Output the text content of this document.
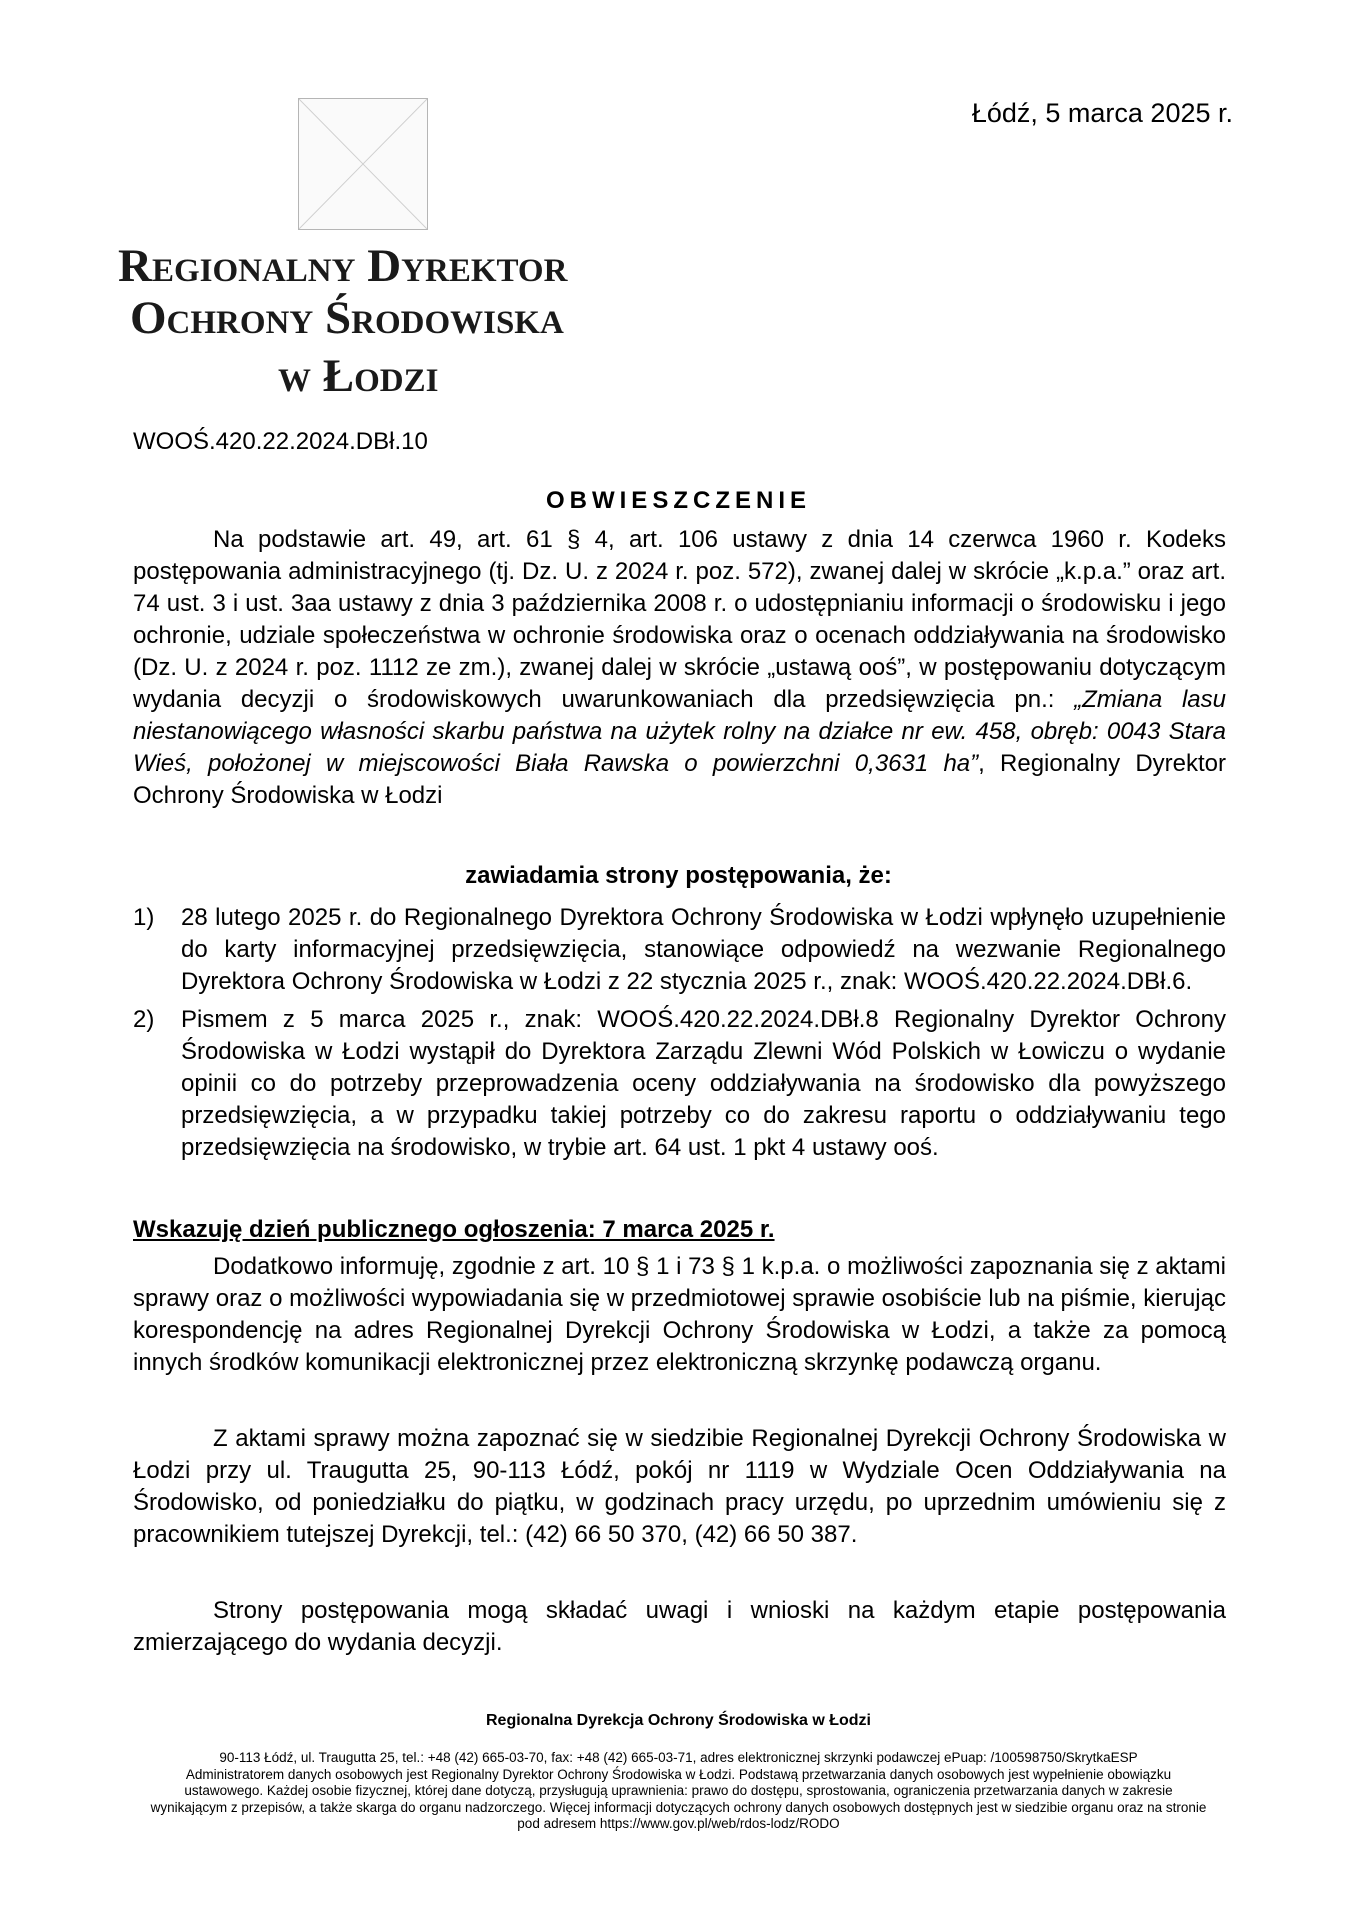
Łódź, 5 marca 2025 r.
Regionalny Dyrektor
Ochrony Środowiska
w Łodzi
WOOŚ.420.22.2024.DBł.10
OBWIESZCZENIE
Na podstawie art. 49, art. 61 § 4, art. 106 ustawy z dnia 14 czerwca 1960 r. Kodeks postępowania administracyjnego (tj. Dz. U. z 2024 r. poz. 572), zwanej dalej w skrócie „k.p.a.” oraz art. 74 ust. 3 i ust. 3aa ustawy z dnia 3 października 2008 r. o udostępnianiu informacji o środowisku i jego ochronie, udziale społeczeństwa w ochronie środowiska oraz o ocenach oddziaływania na środowisko (Dz. U. z 2024 r. poz. 1112 ze zm.), zwanej dalej w skrócie „ustawą ooś”, w postępowaniu dotyczącym wydania decyzji o środowiskowych uwarunkowaniach dla przedsięwzięcia pn.: „Zmiana lasu niestanowiącego własności skarbu państwa na użytek rolny na działce nr ew. 458, obręb: 0043 Stara Wieś, położonej w miejscowości Biała Rawska o powierzchni 0,3631 ha”, Regionalny Dyrektor Ochrony Środowiska w Łodzi
zawiadamia strony postępowania, że:
1) 28 lutego 2025 r. do Regionalnego Dyrektora Ochrony Środowiska w Łodzi wpłynęło uzupełnienie do karty informacyjnej przedsięwzięcia, stanowiące odpowiedź na wezwanie Regionalnego Dyrektora Ochrony Środowiska w Łodzi z 22 stycznia 2025 r., znak: WOOŚ.420.22.2024.DBł.6.
2) Pismem z 5 marca 2025 r., znak: WOOŚ.420.22.2024.DBł.8 Regionalny Dyrektor Ochrony Środowiska w Łodzi wystąpił do Dyrektora Zarządu Zlewni Wód Polskich w Łowiczu o wydanie opinii co do potrzeby przeprowadzenia oceny oddziaływania na środowisko dla powyższego przedsięwzięcia, a w przypadku takiej potrzeby co do zakresu raportu o oddziaływaniu tego przedsięwzięcia na środowisko, w trybie art. 64 ust. 1 pkt 4 ustawy ooś.
Wskazuję dzień publicznego ogłoszenia: 7 marca 2025 r.
Dodatkowo informuję, zgodnie z art. 10 § 1 i 73 § 1 k.p.a. o możliwości zapoznania się z aktami sprawy oraz o możliwości wypowiadania się w przedmiotowej sprawie osobiście lub na piśmie, kierując korespondencję na adres Regionalnej Dyrekcji Ochrony Środowiska w Łodzi, a także za pomocą innych środków komunikacji elektronicznej przez elektroniczną skrzynkę podawczą organu.
Z aktami sprawy można zapoznać się w siedzibie Regionalnej Dyrekcji Ochrony Środowiska w Łodzi przy ul. Traugutta 25, 90-113 Łódź, pokój nr 1119 w Wydziale Ocen Oddziaływania na Środowisko, od poniedziałku do piątku, w godzinach pracy urzędu, po uprzednim umówieniu się z pracownikiem tutejszej Dyrekcji, tel.: (42) 66 50 370, (42) 66 50 387.
Strony postępowania mogą składać uwagi i wnioski na każdym etapie postępowania zmierzającego do wydania decyzji.
Regionalna Dyrekcja Ochrony Środowiska w Łodzi
90-113 Łódź, ul. Traugutta 25, tel.: +48 (42) 665-03-70, fax: +48 (42) 665-03-71, adres elektronicznej skrzynki podawczej ePuap: /100598750/SkrytkaESP
Administratorem danych osobowych jest Regionalny Dyrektor Ochrony Środowiska w Łodzi. Podstawą przetwarzania danych osobowych jest wypełnienie obowiązku ustawowego. Każdej osobie fizycznej, której dane dotyczą, przysługują uprawnienia: prawo do dostępu, sprostowania, ograniczenia przetwarzania danych w zakresie wynikającym z przepisów, a także skarga do organu nadzorczego. Więcej informacji dotyczących ochrony danych osobowych dostępnych jest w siedzibie organu oraz na stronie pod adresem https://www.gov.pl/web/rdos-lodz/RODO
